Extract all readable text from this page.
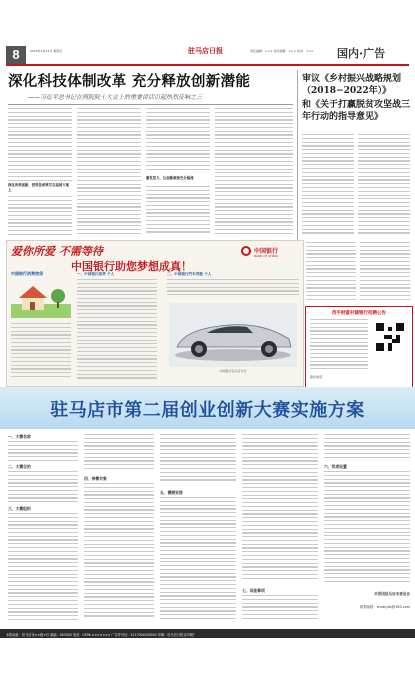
8	2018年9月23日 星期日	驻马店日报	责任编辑：××× 美术编辑：××× 校对：×××	国内·广告
深化科技体制改革 充分释放创新潜能
——习近平总书记在两院院士大会上的重要讲话引起热烈反响之三
深化改革创新，把科技成果写在祖国大地上
激发活力，让创新源泉充分涌流
审议《乡村振兴战略规划（2018−2022年）》
和《关于打赢脱贫攻坚战三年行动的指导意见》
爱你所爱 不需等待
中国银行助您梦想成真！
中国银行
BANK OF CHINA
中国银行消费信贷	一、中国银行房贷 个人	二、中国银行汽车贷款 个人
中国银行驻马店分行
西平财富村镇银行招聘公告
联系电话：
驻马店市第二届创业创新大赛实施方案
一、大赛名称
二、大赛目的
三、大赛组织
四、参赛对象
五、赛制安排
七、其他事项
六、奖项设置
共青团驻马店市委员会
联系邮箱：zmdcyds@163.com
本报地址：驻马店市××路×号 邮编：463000 电话：0396-××××××× 广告许可证：4117004000002 印刷：驻马店日报社印刷厂
